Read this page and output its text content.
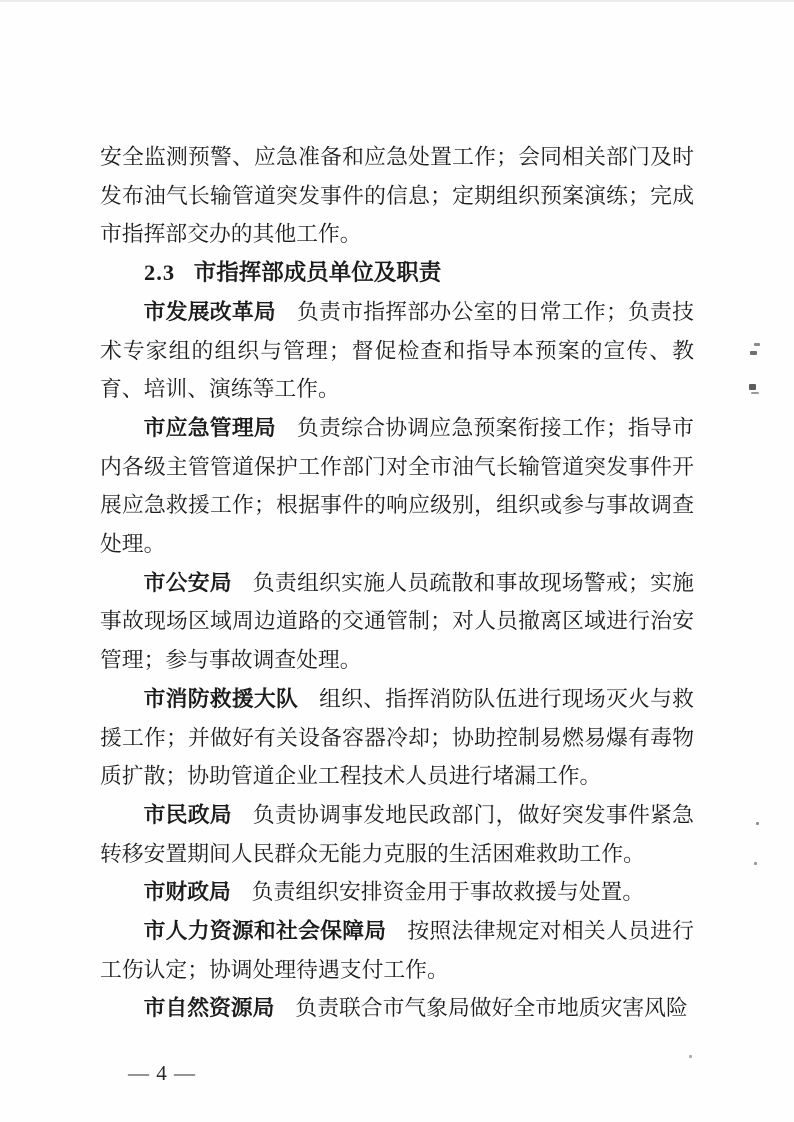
安全监测预警、应急准备和应急处置工作；会同相关部门及时发布油气长输管道突发事件的信息；定期组织预案演练；完成市指挥部交办的其他工作。

2.3 市指挥部成员单位及职责

市发展改革局 负责市指挥部办公室的日常工作；负责技术专家组的组织与管理；督促检查和指导本预案的宣传、教育、培训、演练等工作。

市应急管理局 负责综合协调应急预案衔接工作；指导市内各级主管管道保护工作部门对全市油气长输管道突发事件开展应急救援工作；根据事件的响应级别，组织或参与事故调查处理。

市公安局 负责组织实施人员疏散和事故现场警戒；实施事故现场区域周边道路的交通管制；对人员撤离区域进行治安管理；参与事故调查处理。

市消防救援大队 组织、指挥消防队伍进行现场灭火与救援工作；并做好有关设备容器冷却；协助控制易燃易爆有毒物质扩散；协助管道企业工程技术人员进行堵漏工作。

市民政局 负责协调事发地民政部门，做好突发事件紧急转移安置期间人民群众无能力克服的生活困难救助工作。

市财政局 负责组织安排资金用于事故救援与处置。

市人力资源和社会保障局 按照法律规定对相关人员进行工伤认定；协调处理待遇支付工作。

市自然资源局 负责联合市气象局做好全市地质灾害风险

— 4 —
